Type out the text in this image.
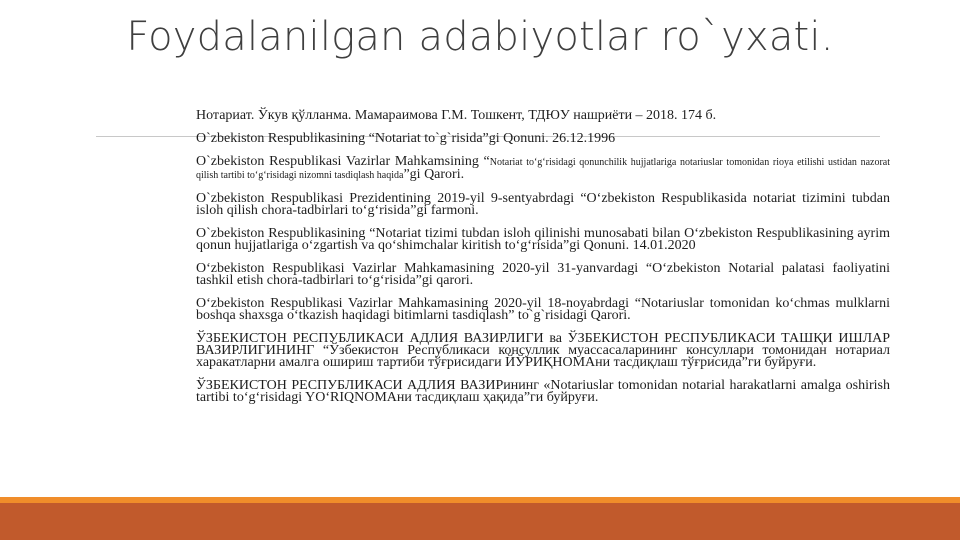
Foydalanilgan adabiyotlar ro`yxati.

Нотариат. Ўкув қўлланма. Мамараимова Г.М. Тошкент, ТДЮУ нашриёти – 2018. 174 б.

O`zbekiston Respublikasining “Notariat to`g`risida”gi Qonuni. 26.12.1996

O`zbekiston Respublikasi Vazirlar Mahkamsining “Notariat to‘g‘risidagi qonunchilik hujjatlariga notariuslar tomonidan rioya etilishi ustidan nazorat qilish tartibi to‘g‘risidagi nizomni tasdiqlash haqida”gi Qarori.

O`zbekiston Respublikasi Prezidentining 2019-yil 9-sentyabrdagi “O‘zbekiston Respublikasida notariat tizimini tubdan isloh qilish chora-tadbirlari to‘g‘risida”gi farmoni.

O`zbekiston Respublikasining “Notariat tizimi tubdan isloh qilinishi munosabati bilan O‘zbekiston Respublikasining ayrim qonun hujjatlariga o‘zgartish va qo‘shimchalar kiritish to‘g‘risida”gi Qonuni. 14.01.2020

O‘zbekiston Respublikasi Vazirlar Mahkamasining 2020-yil 31-yanvardagi “O‘zbekiston Notarial palatasi faoliyatini tashkil etish chora-tadbirlari to‘g‘risida”gi qarori.

O‘zbekiston Respublikasi Vazirlar Mahkamasining 2020-yil 18-noyabrdagi “Notariuslar tomonidan ko‘chmas mulklarni boshqa shaxsga o‘tkazish haqidagi bitimlarni tasdiqlash” to`g`risidagi Qarori.

ЎЗБЕКИСТОН РЕСПУБЛИКАСИ АДЛИЯ ВАЗИРЛИГИ ва ЎЗБЕКИСТОН РЕСПУБЛИКАСИ ТАШҚИ ИШЛАР ВАЗИРЛИГИНИНГ “Ўзбекистон Республикаси консуллик муассасаларининг консуллари томонидан нотариал харакатларни амалга ошириш тартиби тўғрисидаги ЙЎРИҚНОМАни тасдиқлаш тўғрисида”ги буйруғи.

ЎЗБЕКИСТОН РЕСПУБЛИКАСИ АДЛИЯ ВАЗИРининг «Notariuslar tomonidan notarial harakatlarni amalga oshirish tartibi to‘g‘risidagi YO‘RIQNOMAни тасдиқлаш ҳақида”ги буйруғи.
